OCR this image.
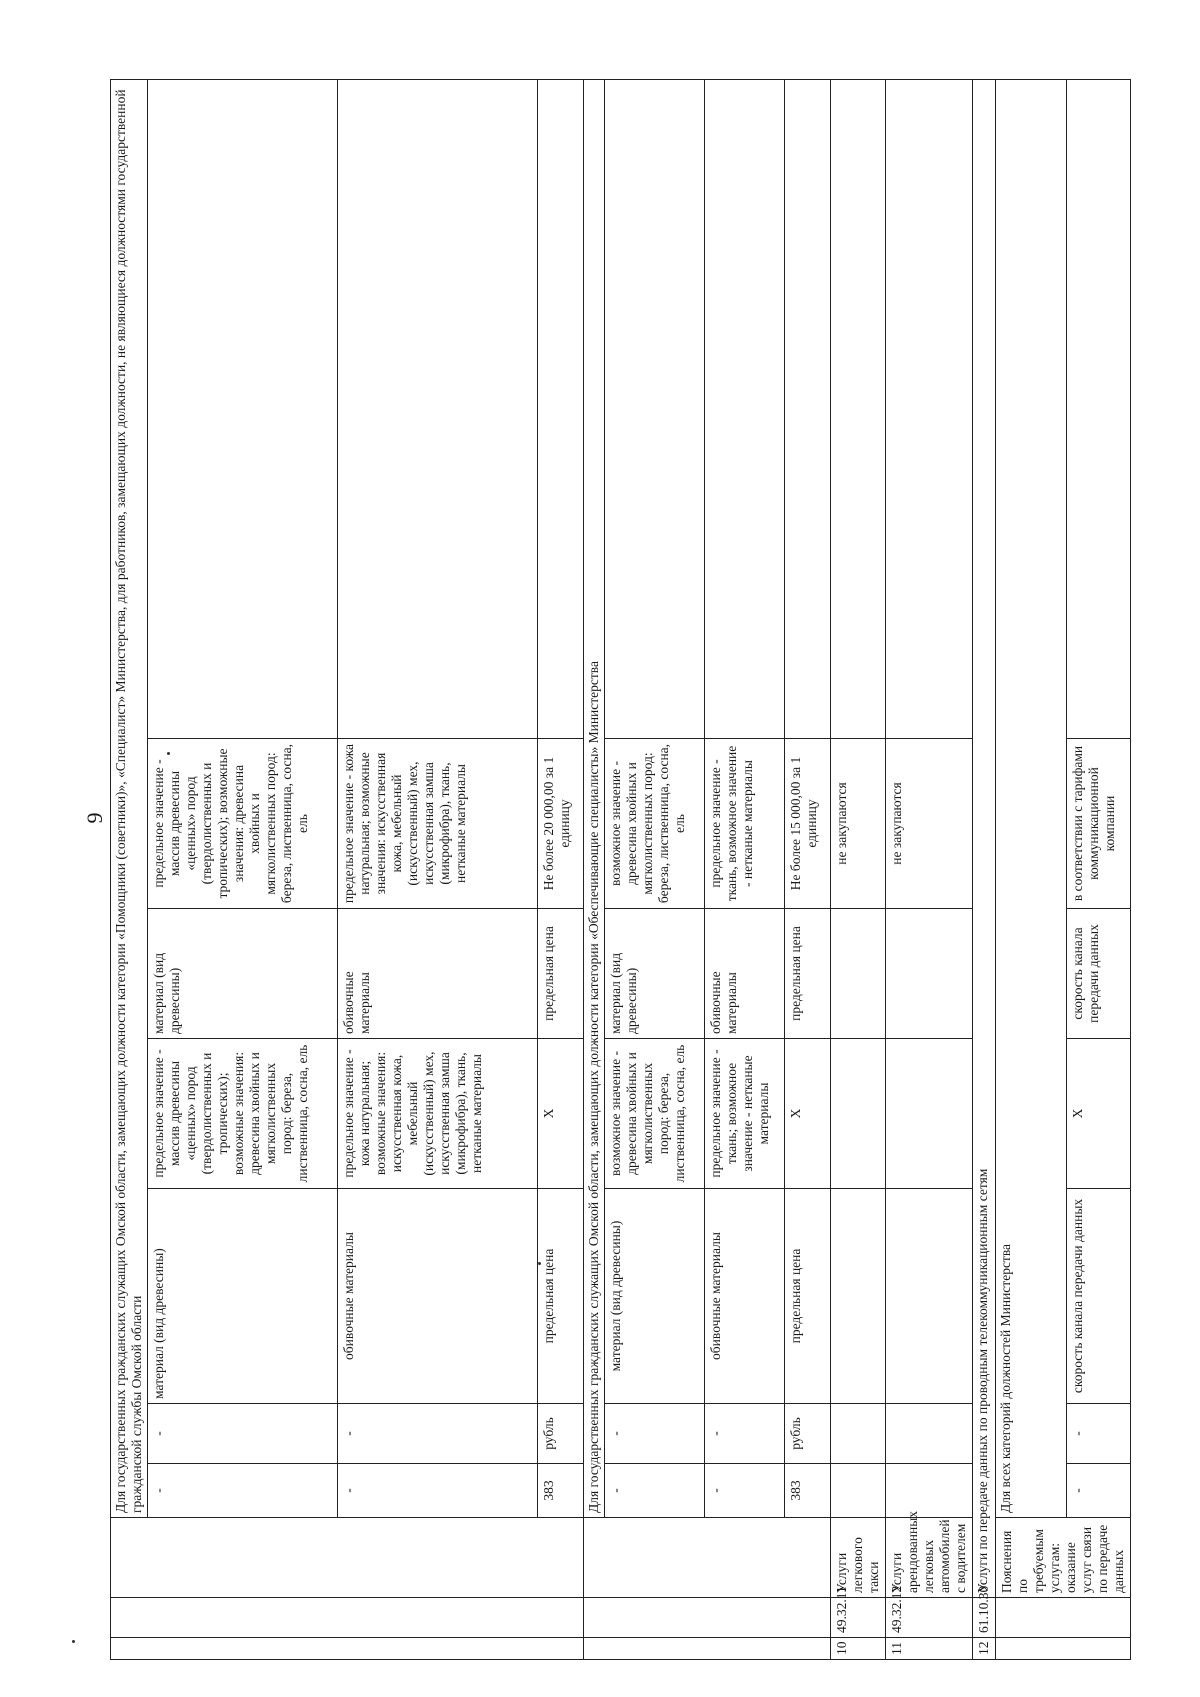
9
			Для государственных гражданских служащих Омской области, замещающих должности категории «Помощники (советники)», «Специалист» Министерства, для работников, замещающих должности, не являющиеся должностями государственной гражданской службы Омской области						
			-	-	материал (вид древесины)	предельное значение - массив древесины «ценных» пород (твердолиственных и тропических); возможные значения: древесина хвойных и мягколиственных пород: береза, лиственница, сосна, ель	материал (вид древесины)	предельное значение - массив древесины «ценных» пород (твердолиственных и тропических); возможные значения: древесина хвойных и мягколиственных пород: береза, лиственница, сосна, ель	
			-	-	обивочные материалы	предельное значение - кожа натуральная; возможные значения: искусственная кожа, мебельный (искусственный) мех, искусственная замша (микрофибра), ткань, нетканые материалы	обивочные материалы	предельное значение - кожа натуральная; возможные значения: искусственная кожа, мебельный (искусственный) мех, искусственная замша (микрофибра), ткань, нетканые материалы	
			383	рубль	предельная цена	X	предельная цена	Не более 20 000,00 за 1 единицу	
			Для государственных гражданских служащих Омской области, замещающих должности категории «Обеспечивающие специалисты» Министерства						
			-	-	материал (вид древесины)	возможное значение - древесина хвойных и мягколиственных пород: береза, лиственница, сосна, ель	материал (вид древесины)	возможное значение - древесина хвойных и мягколиственных пород: береза, лиственница, сосна, ель	
			-	-	обивочные материалы	предельное значение - ткань; возможное значение - нетканые материалы	обивочные материалы	предельное значение - ткань, возможное значение - нетканые материалы	
			383	рубль	предельная цена	X	предельная цена	Не более 15 000,00 за 1 единицу	
10	49.32.11	Услуги легкового такси						не закупаются	
11	49.32.12	Услуги арендованных легковых автомобилей с водителем						не закупаются	
12	61.10.30	Услуги по передаче данных по проводным телекоммуникационным сетям							
		Пояснения по требуемым услугам: оказание услуг связи по передаче данных	Для всех категорий должностей Министерства						
			-	-	скорость канала передачи данных	X	скорость канала передачи данных	в соответствии с тарифами коммуникационной компании	
